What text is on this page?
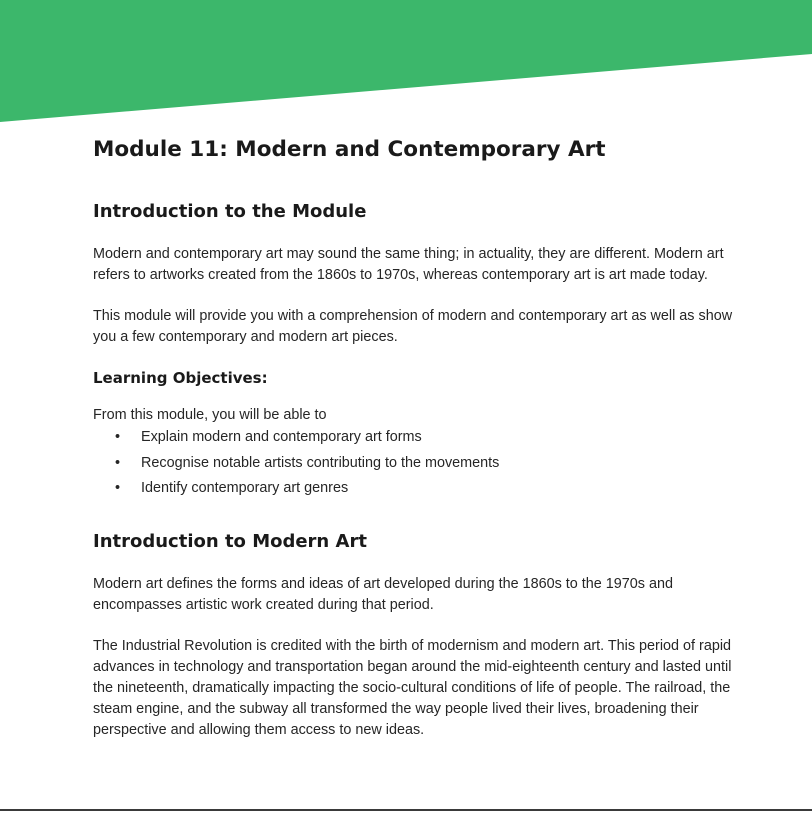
Module 11: Modern and Contemporary Art
Introduction to the Module

Modern and contemporary art may sound the same thing; in actuality, they are different. Modern art refers to artworks created from the 1860s to 1970s, whereas contemporary art is art made today.

This module will provide you with a comprehension of modern and contemporary art as well as show you a few contemporary and modern art pieces.

Learning Objectives:

From this module, you will be able to

• Explain modern and contemporary art forms
• Recognise notable artists contributing to the movements
• Identify contemporary art genres
Introduction to Modern Art

Modern art defines the forms and ideas of art developed during the 1860s to the 1970s and encompasses artistic work created during that period.

The Industrial Revolution is credited with the birth of modernism and modern art. This period of rapid advances in technology and transportation began around the mid-eighteenth century and lasted until the nineteenth, dramatically impacting the socio-cultural conditions of life of people. The railroad, the steam engine, and the subway all transformed the way people lived their lives, broadening their perspective and allowing them access to new ideas.
